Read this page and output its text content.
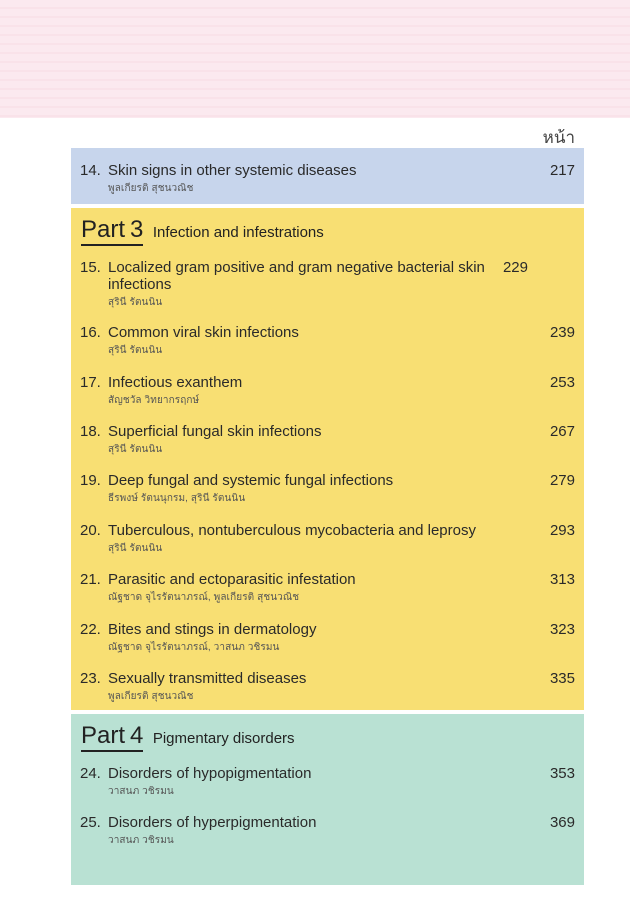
หน้า
14. Skin signs in other systemic diseases	217
พูลเกียรติ สุชนวณิช
Part 3 Infection and infestrations
15. Localized gram positive and gram negative bacterial skin infections
229
สุรินี รัตนนิน
16. Common viral skin infections	239
สุรินี รัตนนิน
17. Infectious exanthem	253
สัญชวัล วิทยากรฤกษ์
18. Superficial fungal skin infections	267
สุรินี รัตนนิน
19. Deep fungal and systemic fungal infections	279
ธีรพงษ์ รัตนนุกรม, สุรินี รัตนนิน
20. Tuberculous, nontuberculous mycobacteria and leprosy	293
สุรินี รัตนนิน
21. Parasitic and ectoparasitic infestation	313
ณัฐชาด จุไรรัตนาภรณ์, พูลเกียรติ สุชนวณิช
22. Bites and stings in dermatology	323
ณัฐชาด จุไรรัตนาภรณ์, วาสนภ วชิรมน
23. Sexually transmitted diseases	335
พูลเกียรติ สุชนวณิช
Part 4 Pigmentary disorders
24. Disorders of hypopigmentation	353
วาสนภ วชิรมน
25. Disorders of hyperpigmentation	369
วาสนภ วชิรมน
